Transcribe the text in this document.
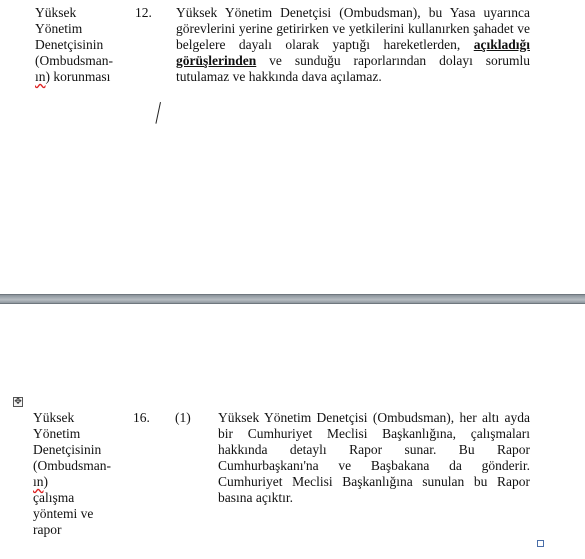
Yüksek
Yönetim
Denetçisinin
(Ombudsman-
ın) korunması
12. Yüksek Yönetim Denetçisi (Ombudsman), bu Yasa uyarınca görevlerini yerine getirirken ve yetkilerini kullanırken şahadet ve belgelere dayalı olarak yaptığı hareketlerden, açıkladığı görüşlerinden ve sunduğu raporlarından dolayı sorumlu tutulamaz ve hakkında dava açılamaz.
✥
Yüksek
Yönetim
Denetçisinin
(Ombudsman-
ın)
çalışma
yöntemi ve
rapor
16. (1) Yüksek Yönetim Denetçisi (Ombudsman), her altı ayda bir Cumhuriyet Meclisi Başkanlığına, çalışmaları hakkında detaylı Rapor sunar. Bu Rapor Cumhurbaşkanı'na ve Başbakana da gönderir. Cumhuriyet Meclisi Başkanlığına sunulan bu Rapor basına açıktır.
